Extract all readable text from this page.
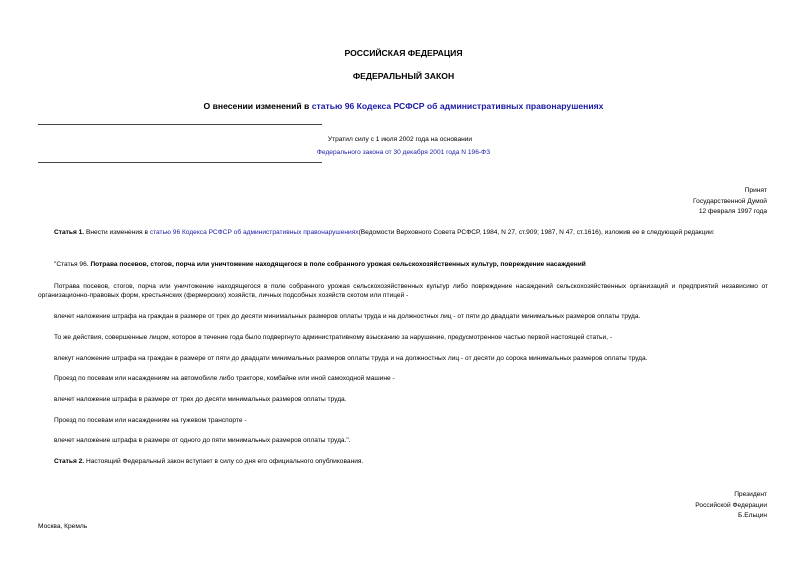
РОССИЙСКАЯ ФЕДЕРАЦИЯ
ФЕДЕРАЛЬНЫЙ ЗАКОН
О внесении изменений в статью 96 Кодекса РСФСР об административных правонарушениях
Утратил силу с 1 июля 2002 года на основании
Федерального закона от 30 декабря 2001 года N 196-ФЗ
Принят
Государственной Думой
12 февраля 1997 года
Статья 1. Внести изменения в статью 96 Кодекса РСФСР об административных правонарушениях(Ведомости Верховного Совета РСФСР, 1984, N 27, ст.909; 1987, N 47, ст.1616), изложив ее в следующей редакции:
"Статья 96. Потрава посевов, стогов, порча или уничтожение находящегося в поле собранного урожая сельскохозяйственных культур, повреждение насаждений
Потрава посевов, стогов, порча или уничтожение находящегося в поле собранного урожая сельскохозяйственных культур либо повреждение насаждений сельскохозяйственных организаций и предприятий независимо от организационно-правовых форм, крестьянских (фермерских) хозяйств, личных подсобных хозяйств скотом или птицей -
влечет наложение штрафа на граждан в размере от трех до десяти минимальных размеров оплаты труда и на должностных лиц - от пяти до двадцати минимальных размеров оплаты труда.
То же действия, совершенные лицом, которое в течение года было подвергнуто административному взысканию за нарушение, предусмотренное частью первой настоящей статьи, -
влекут наложение штрафа на граждан в размере от пяти до двадцати минимальных размеров оплаты труда и на должностных лиц - от десяти до сорока минимальных размеров оплаты труда.
Проезд по посевам или насаждениям на автомобиле либо тракторе, комбайне или иной самоходной машине -
влечет наложение штрафа в размере от трех до десяти минимальных размеров оплаты труда.
Проезд по посевам или насаждениям на гужевом транспорте -
влечет наложение штрафа в размере от одного до пяти минимальных размеров оплаты труда.".
Статья 2. Настоящий Федеральный закон вступает в силу со дня его официального опубликования.
Президент
Российской Федерации
Б.Ельцин
Москва, Кремль
